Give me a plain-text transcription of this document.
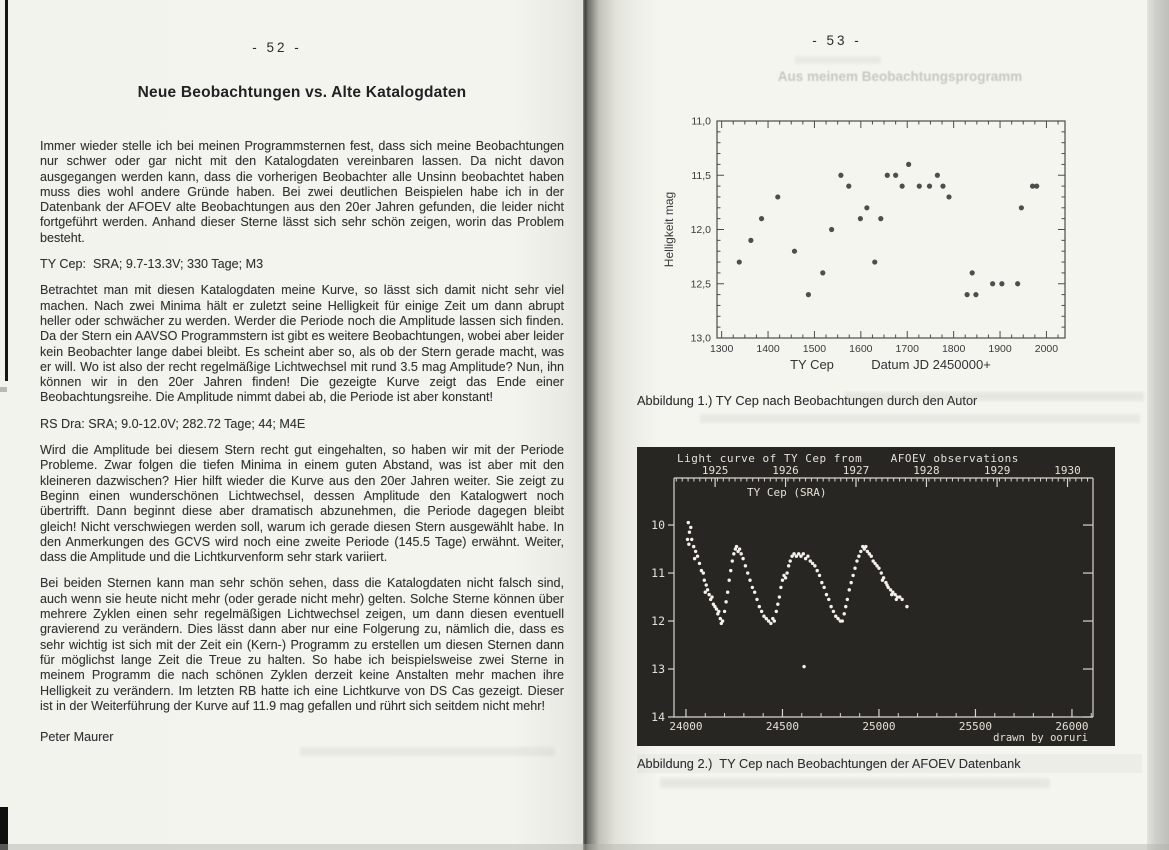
- 52 -
Neue Beobachtungen vs. Alte Katalogdaten

Immer wieder stelle ich bei meinen Programmsternen fest, dass sich meine Beobachtungen nur schwer oder gar nicht mit den Katalogdaten vereinbaren lassen. Da nicht davon ausgegangen werden kann, dass die vorherigen Beobachter alle Unsinn beobachtet haben muss dies wohl andere Gründe haben. Bei zwei deutlichen Beispielen habe ich in der Datenbank der AFOEV alte Beobachtungen aus den 20er Jahren gefunden, die leider nicht fortgeführt werden. Anhand dieser Sterne lässt sich sehr schön zeigen, worin das Problem besteht.

TY Cep:  SRA; 9.7-13.3V; 330 Tage; M3

Betrachtet man mit diesen Katalogdaten meine Kurve, so lässt sich damit nicht sehr viel machen. Nach zwei Minima hält er zuletzt seine Helligkeit für einige Zeit um dann abrupt heller oder schwächer zu werden. Werder die Periode noch die Amplitude lassen sich finden. Da der Stern ein AAVSO Programmstern ist gibt es weitere Beobachtungen, wobei aber leider kein Beobachter lange dabei bleibt. Es scheint aber so, als ob der Stern gerade macht, was er will. Wo ist also der recht regelmäßige Lichtwechsel mit rund 3.5 mag Amplitude? Nun, ihn können wir in den 20er Jahren finden! Die gezeigte Kurve zeigt das Ende einer Beobachtungsreihe. Die Amplitude nimmt dabei ab, die Periode ist aber konstant!

RS Dra: SRA; 9.0-12.0V; 282.72 Tage; 44; M4E

Wird die Amplitude bei diesem Stern recht gut eingehalten, so haben wir mit der Periode Probleme. Zwar folgen die tiefen Minima in einem guten Abstand, was ist aber mit den kleineren dazwischen? Hier hilft wieder die Kurve aus den 20er Jahren weiter. Sie zeigt zu Beginn einen wunderschönen Lichtwechsel, dessen Amplitude den Katalogwert noch übertrifft. Dann beginnt diese aber dramatisch abzunehmen, die Periode dagegen bleibt gleich! Nicht verschwiegen werden soll, warum ich gerade diesen Stern ausgewählt habe. In den Anmerkungen des GCVS wird noch eine zweite Periode (145.5 Tage) erwähnt. Weiter, dass die Amplitude und die Lichtkurvenform sehr stark variiert.

Bei beiden Sternen kann man sehr schön sehen, dass die Katalogdaten nicht falsch sind, auch wenn sie heute nicht mehr (oder gerade nicht mehr) gelten. Solche Sterne können über mehrere Zyklen einen sehr regelmäßigen Lichtwechsel zeigen, um dann diesen eventuell gravierend zu verändern. Dies lässt dann aber nur eine Folgerung zu, nämlich die, dass es sehr wichtig ist sich mit der Zeit ein (Kern-) Programm zu erstellen um diesen Sternen dann für möglichst lange Zeit die Treue zu halten. So habe ich beispielsweise zwei Sterne in meinem Programm die nach schönen Zyklen derzeit keine Anstalten mehr machen ihre Helligkeit zu verändern. Im letzten RB hatte ich eine Lichtkurve von DS Cas gezeigt. Dieser ist in der Weiterführung der Kurve auf 11.9 mag gefallen und rührt sich seitdem nicht mehr!

Peter Maurer

- 53 -
Aus meinem Beobachtungsprogramm
1300 1400 1500 1600 1700 1800 1900 2000
11,0
11,5
12,0
12,5
13,0
Helligkeit mag
TY Cep	Datum JD 2450000+
Abbildung 1.) TY Cep nach Beobachtungen durch den Autor
Light curve of TY Cep from    AFOEV observations
TY Cep (SRA)
1925	1926	1927	1928	1929	1930
24000	24500	25000	25500	26000
10
11
12
13
14
drawn by ooruri
Abbildung 2.)  TY Cep nach Beobachtungen der AFOEV Datenbank
